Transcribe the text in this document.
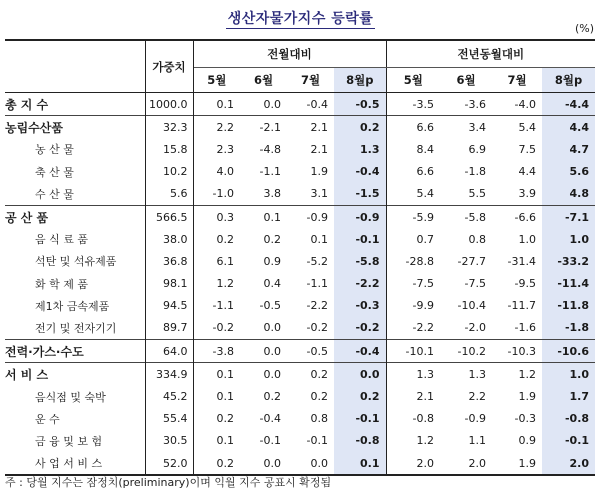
생산자물가지수 등락률
(%)
	가중치	전월대비				전년동월대비			
		5월	6월	7월	8월p	5월	6월	7월	8월p
총 지 수	1000.0	0.1	0.0	-0.4	-0.5	-3.5	-3.6	-4.0	-4.4
농림수산품	32.3	2.2	-2.1	2.1	0.2	6.6	3.4	5.4	4.4
농 산 물	15.8	2.3	-4.8	2.1	1.3	8.4	6.9	7.5	4.7
축 산 물	10.2	4.0	-1.1	1.9	-0.4	6.6	-1.8	4.4	5.6
수 산 물	5.6	-1.0	3.8	3.1	-1.5	5.4	5.5	3.9	4.8
공 산 품	566.5	0.3	0.1	-0.9	-0.9	-5.9	-5.8	-6.6	-7.1
음 식 료 품	38.0	0.2	0.2	0.1	-0.1	0.7	0.8	1.0	1.0
석탄 및 석유제품	36.8	6.1	0.9	-5.2	-5.8	-28.8	-27.7	-31.4	-33.2
화 학 제 품	98.1	1.2	0.4	-1.1	-2.2	-7.5	-7.5	-9.5	-11.4
제1차 금속제품	94.5	-1.1	-0.5	-2.2	-0.3	-9.9	-10.4	-11.7	-11.8
전기 및 전자기기	89.7	-0.2	0.0	-0.2	-0.2	-2.2	-2.0	-1.6	-1.8
전력·가스·수도	64.0	-3.8	0.0	-0.5	-0.4	-10.1	-10.2	-10.3	-10.6
서 비 스	334.9	0.1	0.0	0.2	0.0	1.3	1.3	1.2	1.0
음식점 및 숙박	45.2	0.1	0.2	0.2	0.2	2.1	2.2	1.9	1.7
운 수	55.4	0.2	-0.4	0.8	-0.1	-0.8	-0.9	-0.3	-0.8
금 융 및 보 험	30.5	0.1	-0.1	-0.1	-0.8	1.2	1.1	0.9	-0.1
사 업 서 비 스	52.0	0.2	0.0	0.0	0.1	2.0	2.0	1.9	2.0
주 : 당월 지수는 잠정치(preliminary)이며 익월 지수 공표시 확정됨
